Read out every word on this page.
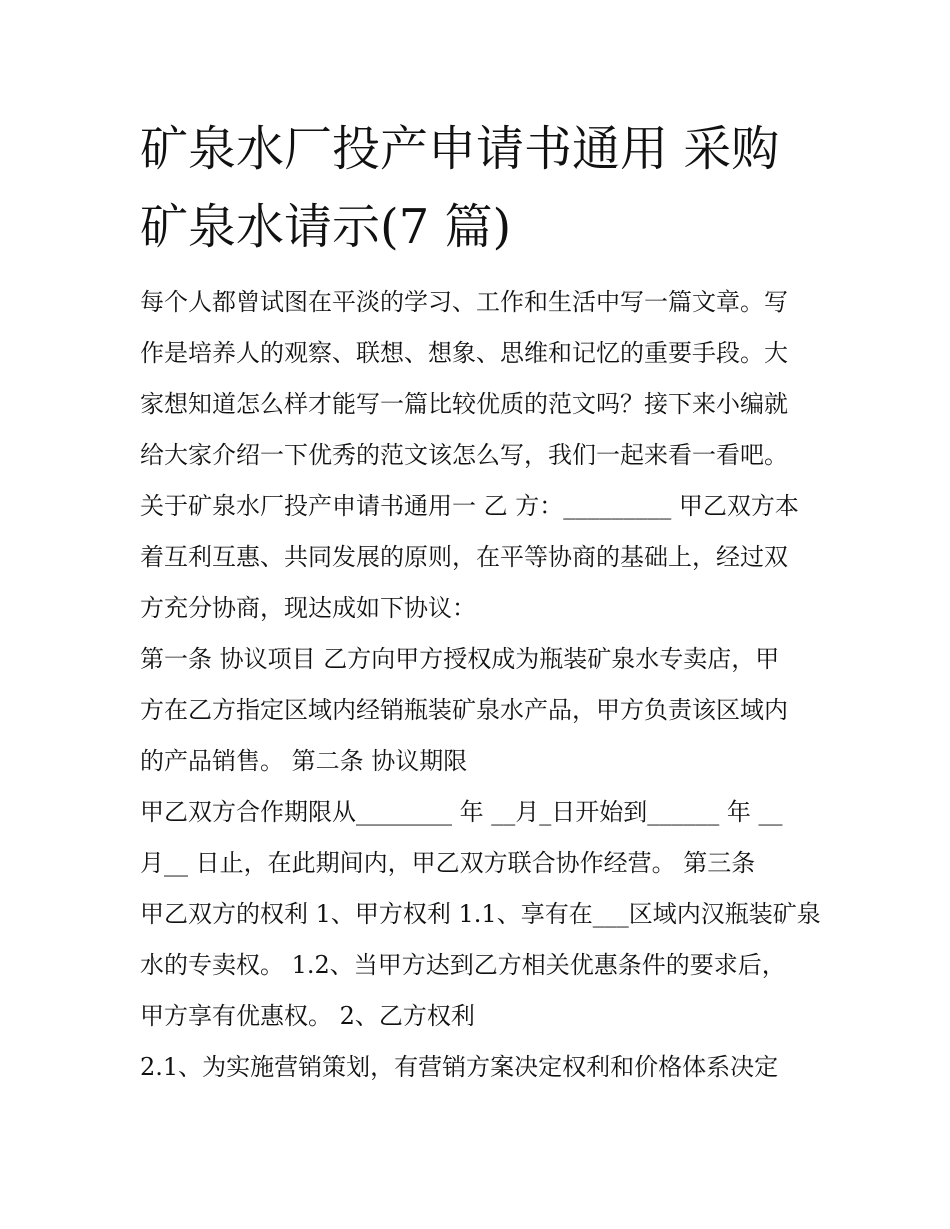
矿泉水厂投产申请书通用 采购
矿泉水请示(7 篇)
每个人都曾试图在平淡的学习、工作和生活中写一篇文章。写
作是培养人的观察、联想、想象、思维和记忆的重要手段。大
家想知道怎么样才能写一篇比较优质的范文吗？接下来小编就
给大家介绍一下优秀的范文该怎么写，我们一起来看一看吧。
关于矿泉水厂投产申请书通用一 乙 方：_________ 甲乙双方本
着互利互惠、共同发展的原则，在平等协商的基础上，经过双
方充分协商，现达成如下协议：
第一条 协议项目 乙方向甲方授权成为瓶装矿泉水专卖店，甲
方在乙方指定区域内经销瓶装矿泉水产品，甲方负责该区域内
的产品销售。 第二条 协议期限
甲乙双方合作期限从________ 年 __月_日开始到______ 年 __
月__ 日止，在此期间内，甲乙双方联合协作经营。 第三条
甲乙双方的权利 1、甲方权利 1.1、享有在___区域内汉瓶装矿泉
水的专卖权。 1.2、当甲方达到乙方相关优惠条件的要求后，
甲方享有优惠权。 2、乙方权利
2.1、为实施营销策划，有营销方案决定权利和价格体系决定
